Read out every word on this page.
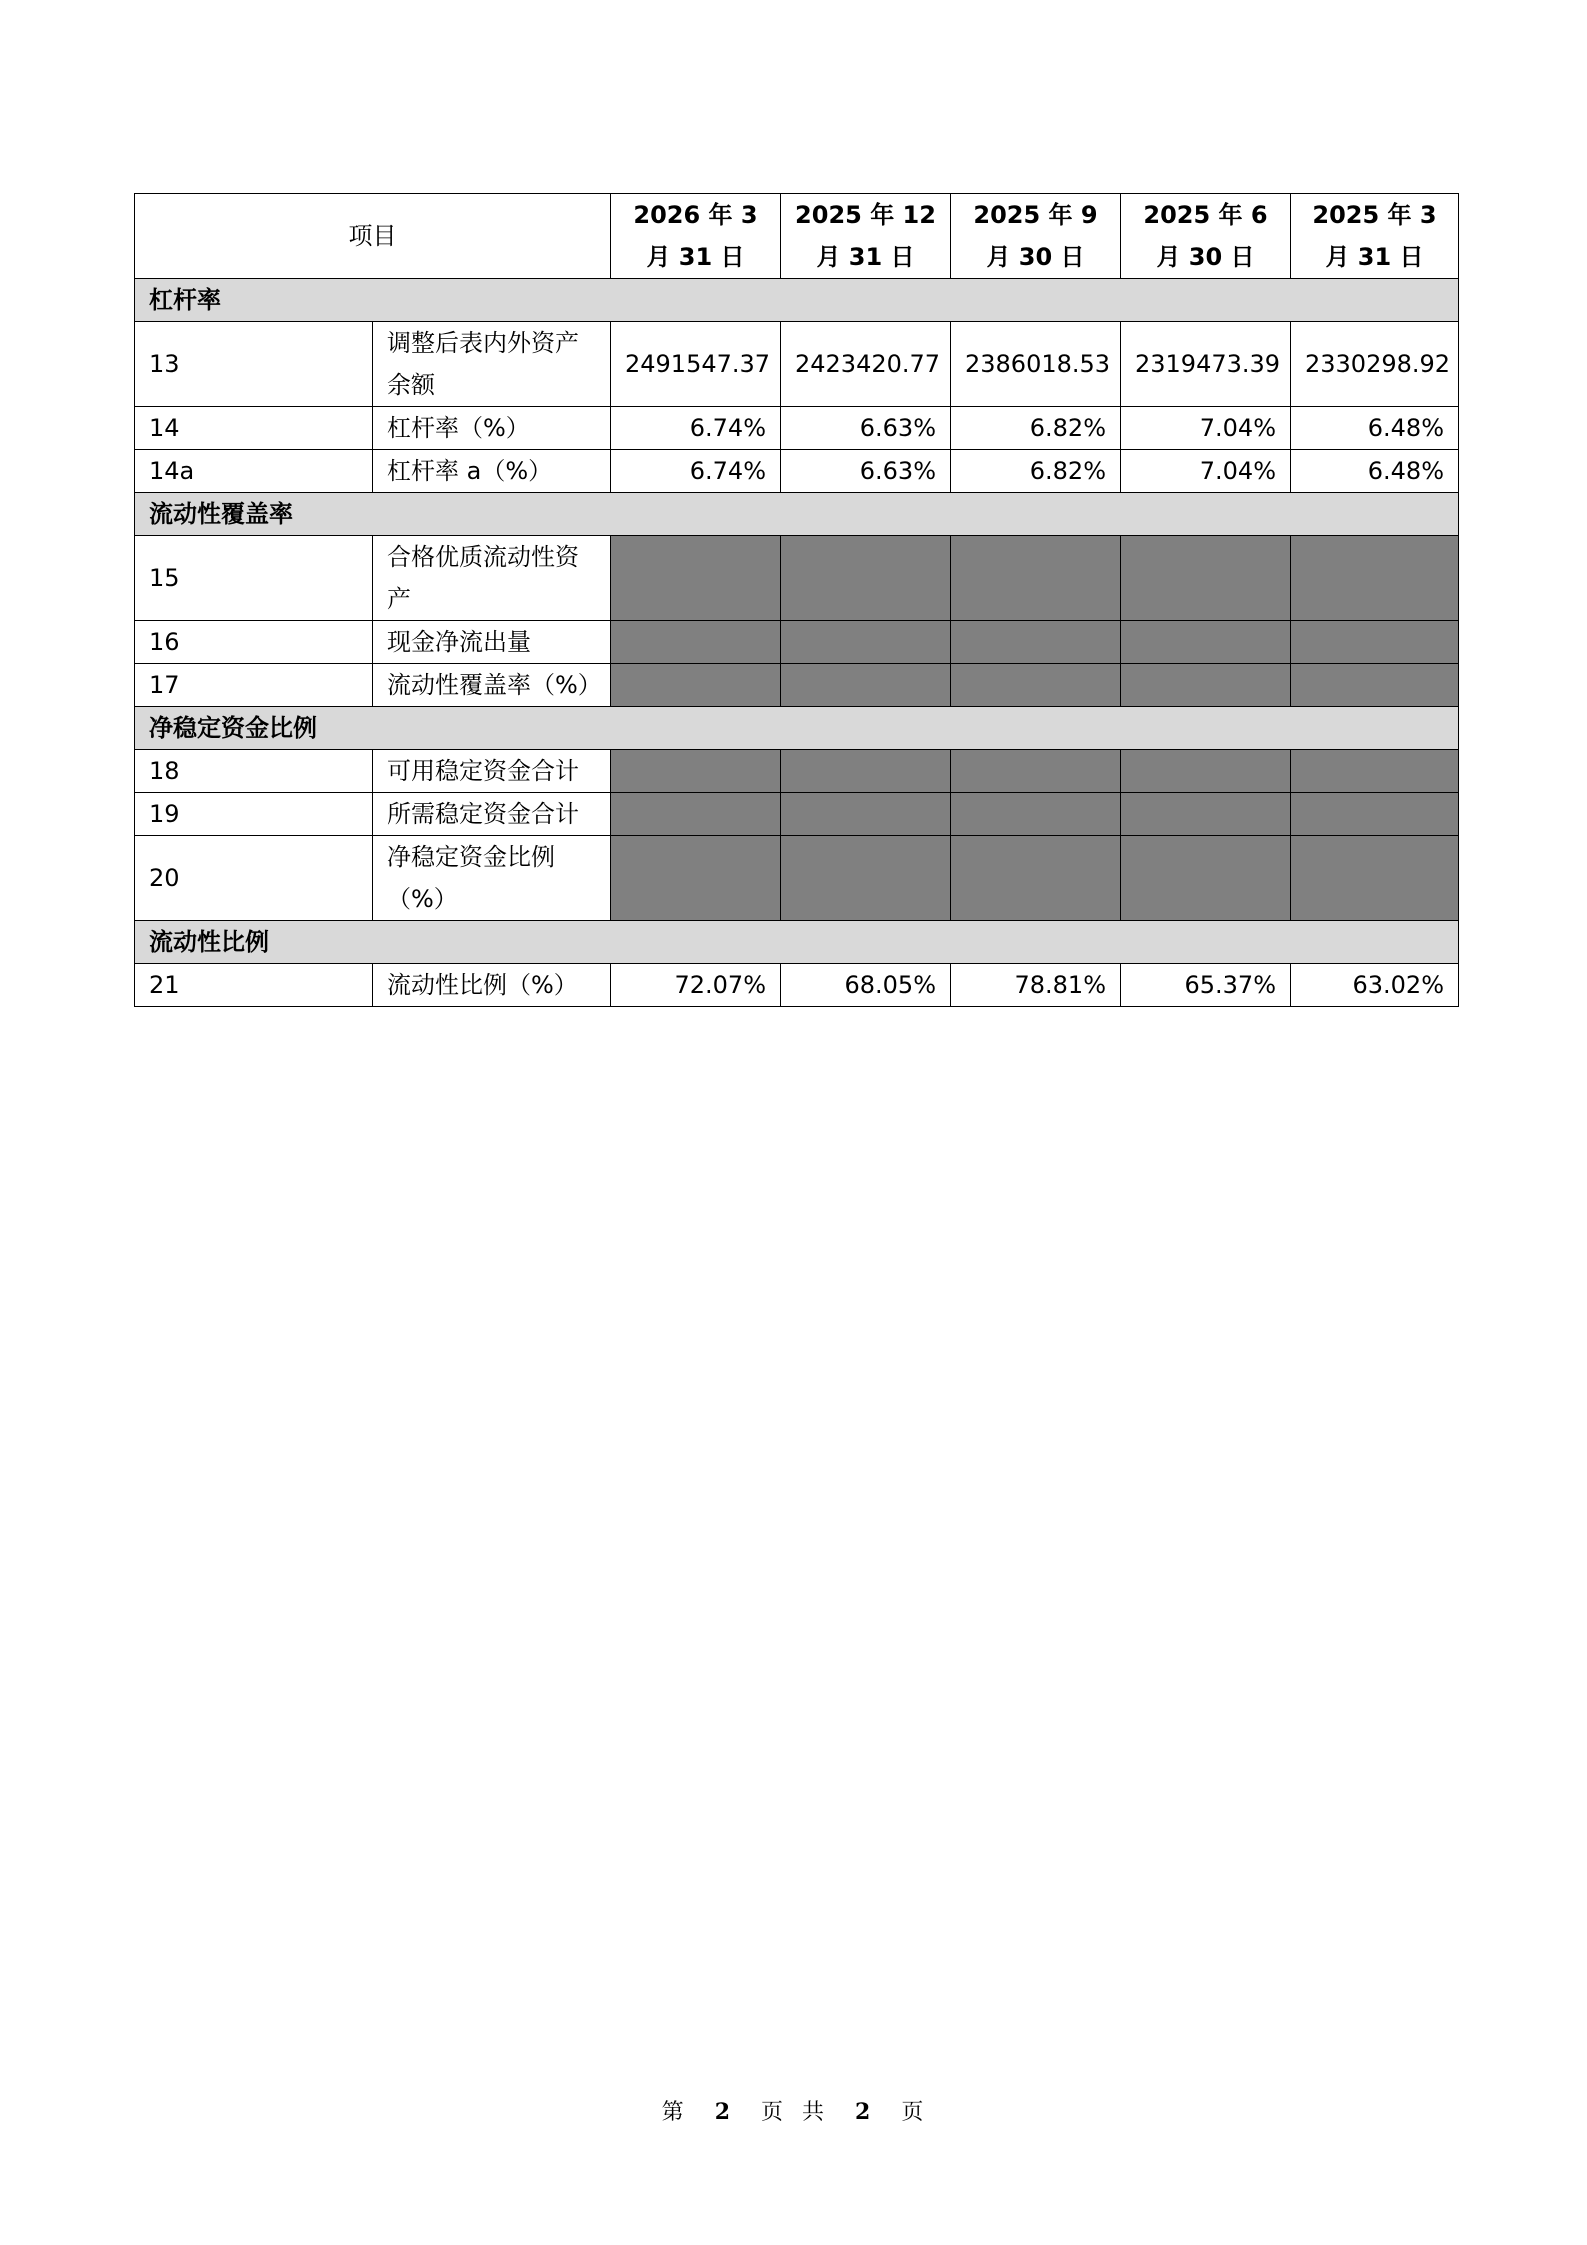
项目		2026 年 3 月 31 日	2025 年 12 月 31 日	2025 年 9 月 30 日	2025 年 6 月 30 日	2025 年 3 月 31 日
杠杆率						
13	调整后表内外资产余额	2491547.37	2423420.77	2386018.53	2319473.39	2330298.92
14	杠杆率（%）	6.74%	6.63%	6.82%	7.04%	6.48%
14a	杠杆率 a（%）	6.74%	6.63%	6.82%	7.04%	6.48%
流动性覆盖率						
15	合格优质流动性资产					
16	现金净流出量					
17	流动性覆盖率（%）					
净稳定资金比例						
18	可用稳定资金合计					
19	所需稳定资金合计					
20	净稳定资金比例（%）					
流动性比例						
21	流动性比例（%）	72.07%	68.05%	78.81%	65.37%	63.02%
第 2 页 共 2 页
